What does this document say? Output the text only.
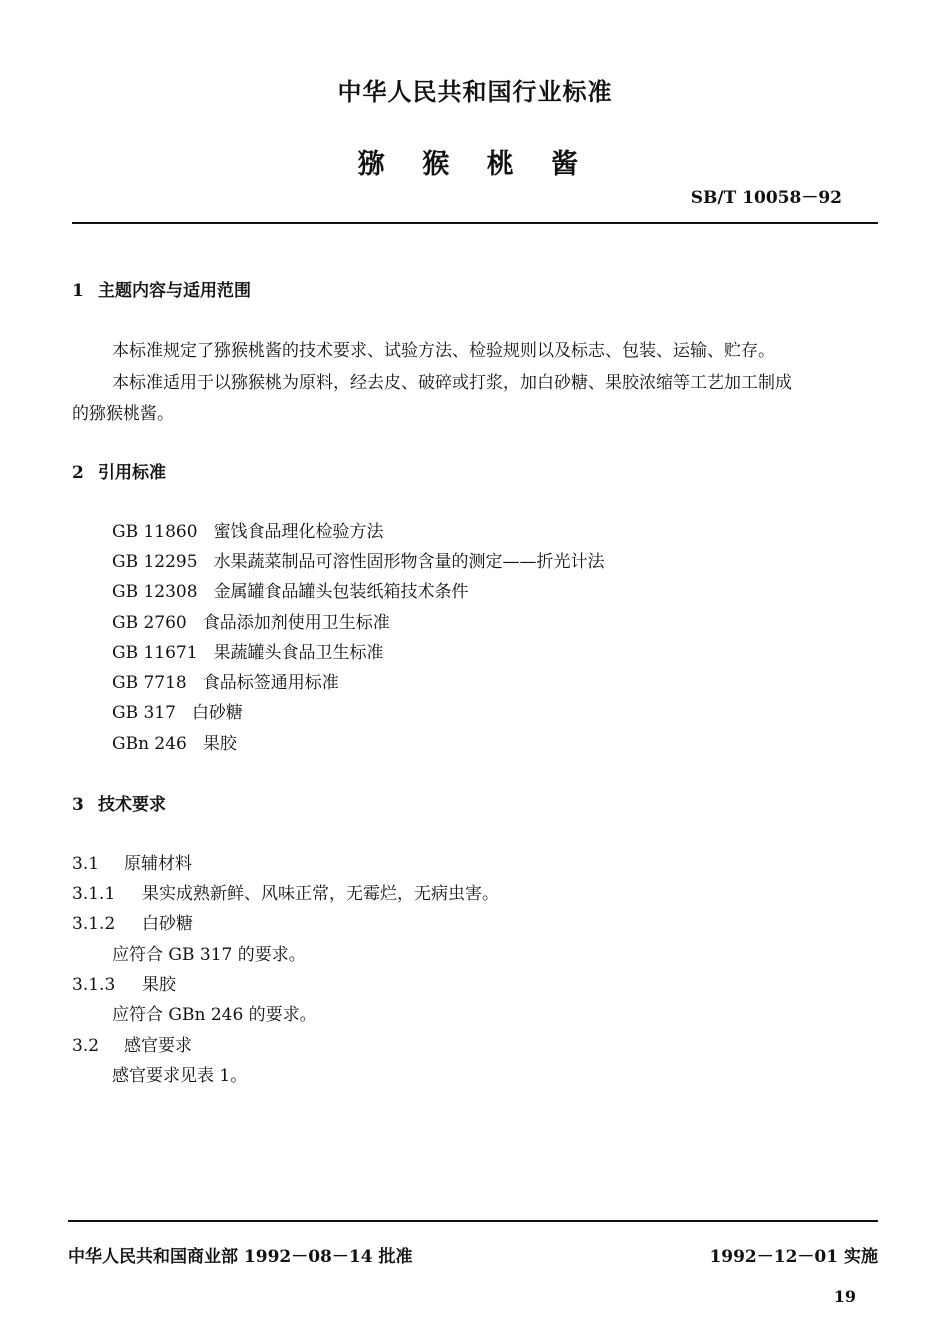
中华人民共和国行业标准
猕 猴 桃 酱
SB/T 10058－92
1 主题内容与适用范围
本标准规定了猕猴桃酱的技术要求、试验方法、检验规则以及标志、包装、运输、贮存。
本标准适用于以猕猴桃为原料，经去皮、破碎或打浆，加白砂糖、果胶浓缩等工艺加工制成
的猕猴桃酱。
2 引用标准
GB 11860 蜜饯食品理化检验方法
GB 12295 水果蔬菜制品可溶性固形物含量的测定——折光计法
GB 12308 金属罐食品罐头包装纸箱技术条件
GB 2760 食品添加剂使用卫生标准
GB 11671 果蔬罐头食品卫生标准
GB 7718 食品标签通用标准
GB 317 白砂糖
GBn 246 果胶
3 技术要求
3.1 原辅材料
3.1.1 果实成熟新鲜、风味正常，无霉烂，无病虫害。
3.1.2 白砂糖
应符合 GB 317 的要求。
3.1.3 果胶
应符合 GBn 246 的要求。
3.2 感官要求
感官要求见表 1。
中华人民共和国商业部 1992－08－14 批准	1992－12－01 实施
19
